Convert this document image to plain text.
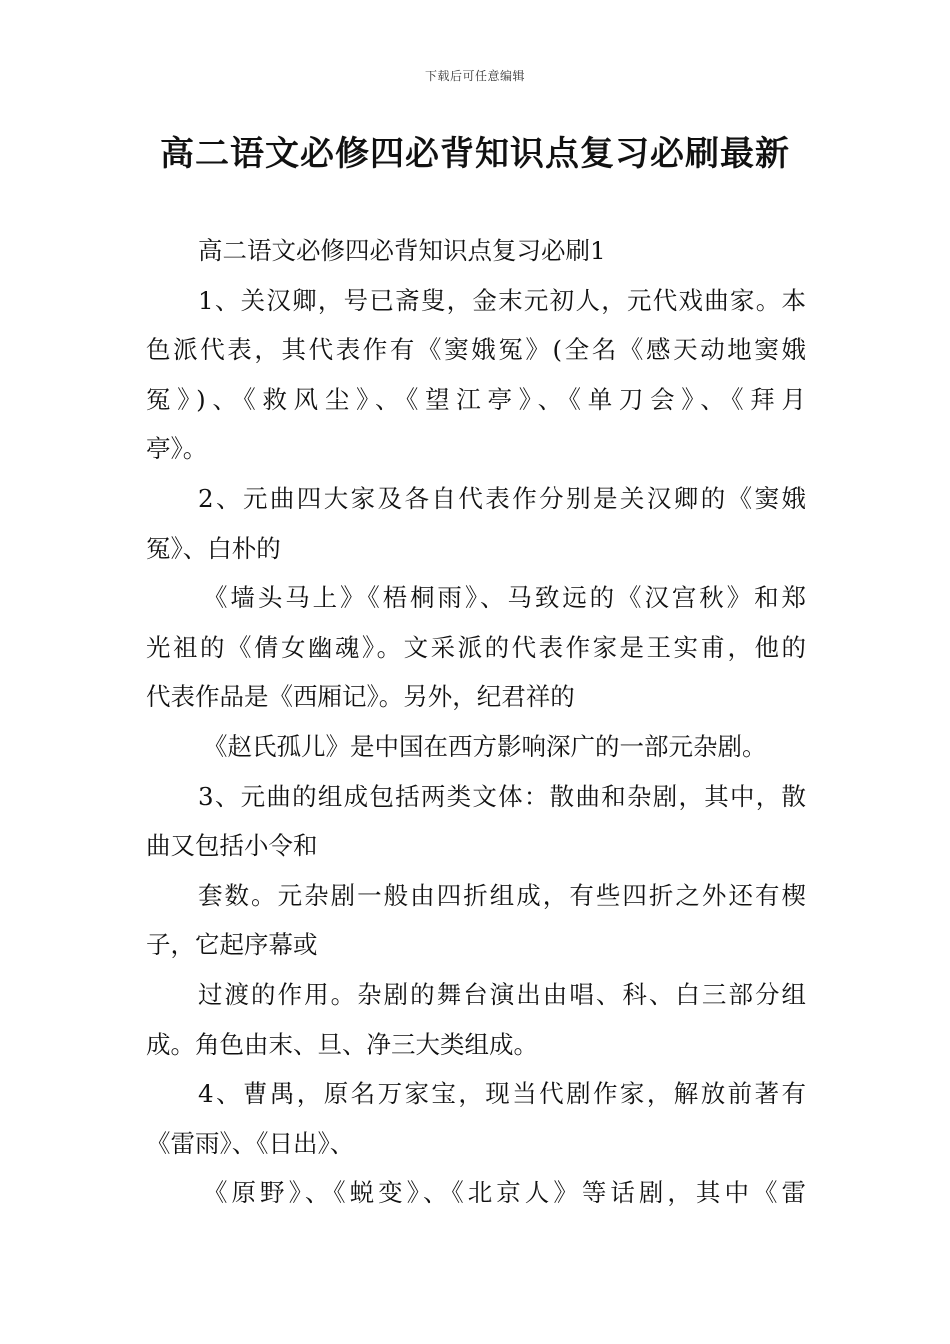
下载后可任意编辑
高二语文必修四必背知识点复习必刷最新
高二语文必修四必背知识点复习必刷1
1、关汉卿，号已斋叟，金末元初人，元代戏曲家。本
色派代表，其代表作有《窦娥冤》(全名《感天动地窦娥
冤》)、《救风尘》、《望江亭》、《单刀会》、《拜月
亭》。
2、元曲四大家及各自代表作分别是关汉卿的《窦娥
冤》、白朴的
《墙头马上》《梧桐雨》、马致远的《汉宫秋》和郑
光祖的《倩女幽魂》。文采派的代表作家是王实甫，他的
代表作品是《西厢记》。另外，纪君祥的
《赵氏孤儿》是中国在西方影响深广的一部元杂剧。
3、元曲的组成包括两类文体：散曲和杂剧，其中，散
曲又包括小令和
套数。元杂剧一般由四折组成，有些四折之外还有楔
子，它起序幕或
过渡的作用。杂剧的舞台演出由唱、科、白三部分组
成。角色由末、旦、净三大类组成。
4、曹禺，原名万家宝，现当代剧作家，解放前著有
《雷雨》、《日出》、
《原野》、《蜕变》、《北京人》等话剧，其中《雷
